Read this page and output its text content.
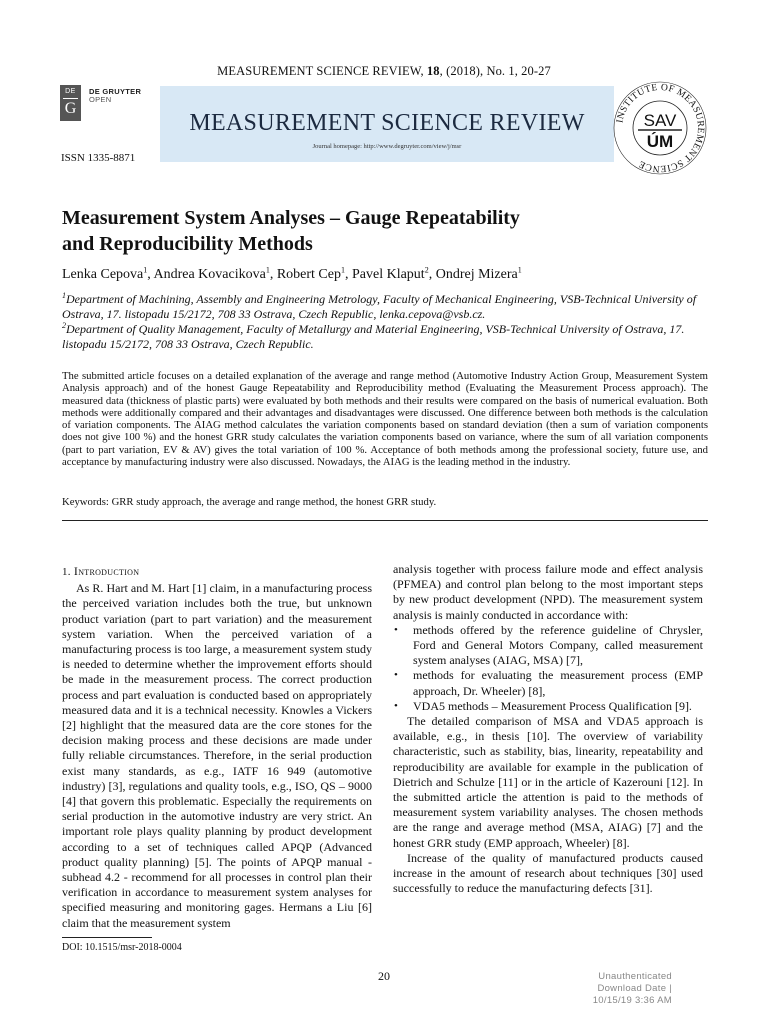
MEASUREMENT SCIENCE REVIEW, 18, (2018), No. 1, 20-27
DE
G
DE GRUYTER
OPEN
ISSN 1335-8871
MEASUREMENT SCIENCE REVIEW
Journal homepage: http://www.degruyter.com/view/j/msr
INSTITUTE OF MEASUREMENT SCIENCE
SAV
ÚM
Measurement System Analyses – Gauge Repeatability
and Reproducibility Methods
Lenka Cepova$^1$, Andrea Kovacikova$^1$, Robert Cep$^1$, Pavel Klaput$^2$, Ondrej Mizera$^1$

$^1$Department of Machining, Assembly and Engineering Metrology, Faculty of Mechanical Engineering, VSB-Technical University of Ostrava, 17. listopadu 15/2172, 708 33 Ostrava, Czech Republic, lenka.cepova@vsb.cz.

$^2$Department of Quality Management, Faculty of Metallurgy and Material Engineering, VSB-Technical University of Ostrava, 17. listopadu 15/2172, 708 33 Ostrava, Czech Republic.

The submitted article focuses on a detailed explanation of the average and range method (Automotive Industry Action Group, Measurement System Analysis approach) and of the honest Gauge Repeatability and Reproducibility method (Evaluating the Measurement Process approach). The measured data (thickness of plastic parts) were evaluated by both methods and their results were compared on the basis of numerical evaluation. Both methods were additionally compared and their advantages and disadvantages were discussed. One difference between both methods is the calculation of variation components. The AIAG method calculates the variation components based on standard deviation (then a sum of variation components does not give 100 %) and the honest GRR study calculates the variation components based on variance, where the sum of all variation components (part to part variation, EV & AV) gives the total variation of 100 %. Acceptance of both methods among the professional society, future use, and acceptance by manufacturing industry were also discussed. Nowadays, the AIAG is the leading method in the industry.

Keywords: GRR study approach, the average and range method, the honest GRR study.

1. Introduction

As R. Hart and M. Hart [1] claim, in a manufacturing process the perceived variation includes both the true, but unknown product variation (part to part variation) and the measurement system variation. When the perceived variation of a manufacturing process is too large, a measurement system study is needed to determine whether the improvement efforts should be made in the measurement process. The correct production process and part evaluation is conducted based on appropriately measured data and it is a technical necessity. Knowles a Vickers [2] highlight that the measured data are the core stones for the decision making process and these decisions are made under fully reliable circumstances. Therefore, in the serial production exist many standards, as e.g., IATF 16 949 (automotive industry) [3], regulations and quality tools, e.g., ISO, QS – 9000 [4] that govern this problematic. Especially the requirements on serial production in the automotive industry are very strict. An important role plays quality planning by product development according to a set of techniques called APQP (Advanced product quality planning) [5]. The points of APQP manual - subhead 4.2 - recommend for all processes in control plan their verification in accordance to measurement system analyses for specified measuring and monitoring gages. Hermans a Liu [6] claim that the measurement system

analysis together with process failure mode and effect analysis (PFMEA) and control plan belong to the most important steps by new product development (NPD). The measurement system analysis is mainly conducted in accordance with:

• methods offered by the reference guideline of Chrysler, Ford and General Motors Company, called measurement system analyses (AIAG, MSA) [7],
• methods for evaluating the measurement process (EMP approach, Dr. Wheeler) [8],
• VDA5 methods – Measurement Process Qualification [9].

The detailed comparison of MSA and VDA5 approach is available, e.g., in thesis [10]. The overview of variability characteristic, such as stability, bias, linearity, repeatability and reproducibility are available for example in the publication of Dietrich and Schulze [11] or in the article of Kazerouni [12]. In the submitted article the attention is paid to the methods of measurement system variability analyses. The chosen methods are the range and average method (MSA, AIAG) [7] and the honest GRR study (EMP approach, Wheeler) [8].

Increase of the quality of manufactured products caused increase in the amount of research about techniques [30] used successfully to reduce the manufacturing defects [31].

DOI: 10.1515/msr-2018-0004
20	Unauthenticated
Download Date | 10/15/19 3:36 AM
